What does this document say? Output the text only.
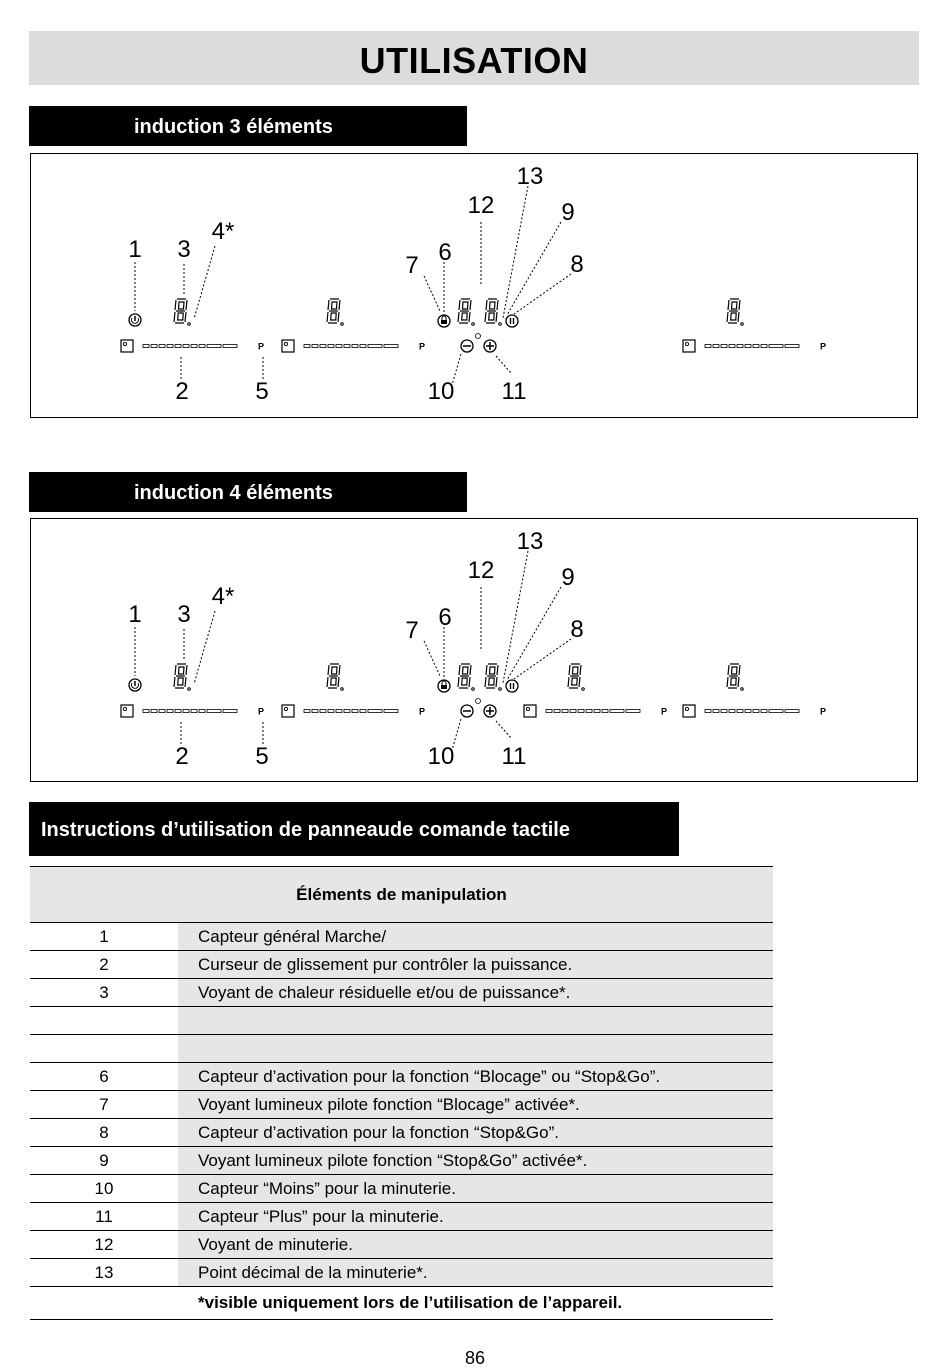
UTILISATION
induction 3 éléments
P	P	P
1
2
3
4*
5
6
7	8
9
10 11
12
13
induction 4 éléments
P	P	P	P
1
2
3
4*
5
6
7	8
9
10 11
12
13
Instructions d’utilisation de panneaude comande tactile
Éléments de manipulation	
1	Capteur général Marche/
2	Curseur de glissement pur contrôler la puissance.
3	Voyant de chaleur résiduelle et/ou de puissance*.

6	Capteur d’activation pour la fonction “Blocage” ou “Stop&Go”.
7	Voyant lumineux pilote fonction “Blocage” activée*.
8	Capteur d’activation pour la fonction “Stop&Go”.
9	Voyant lumineux pilote fonction “Stop&Go” activée*.
10	Capteur “Moins” pour la minuterie.
11	Capteur “Plus” pour la minuterie.
12	Voyant de minuterie.
13	Point décimal de la minuterie*.
	*visible uniquement lors de l’utilisation de l’appareil.
86
